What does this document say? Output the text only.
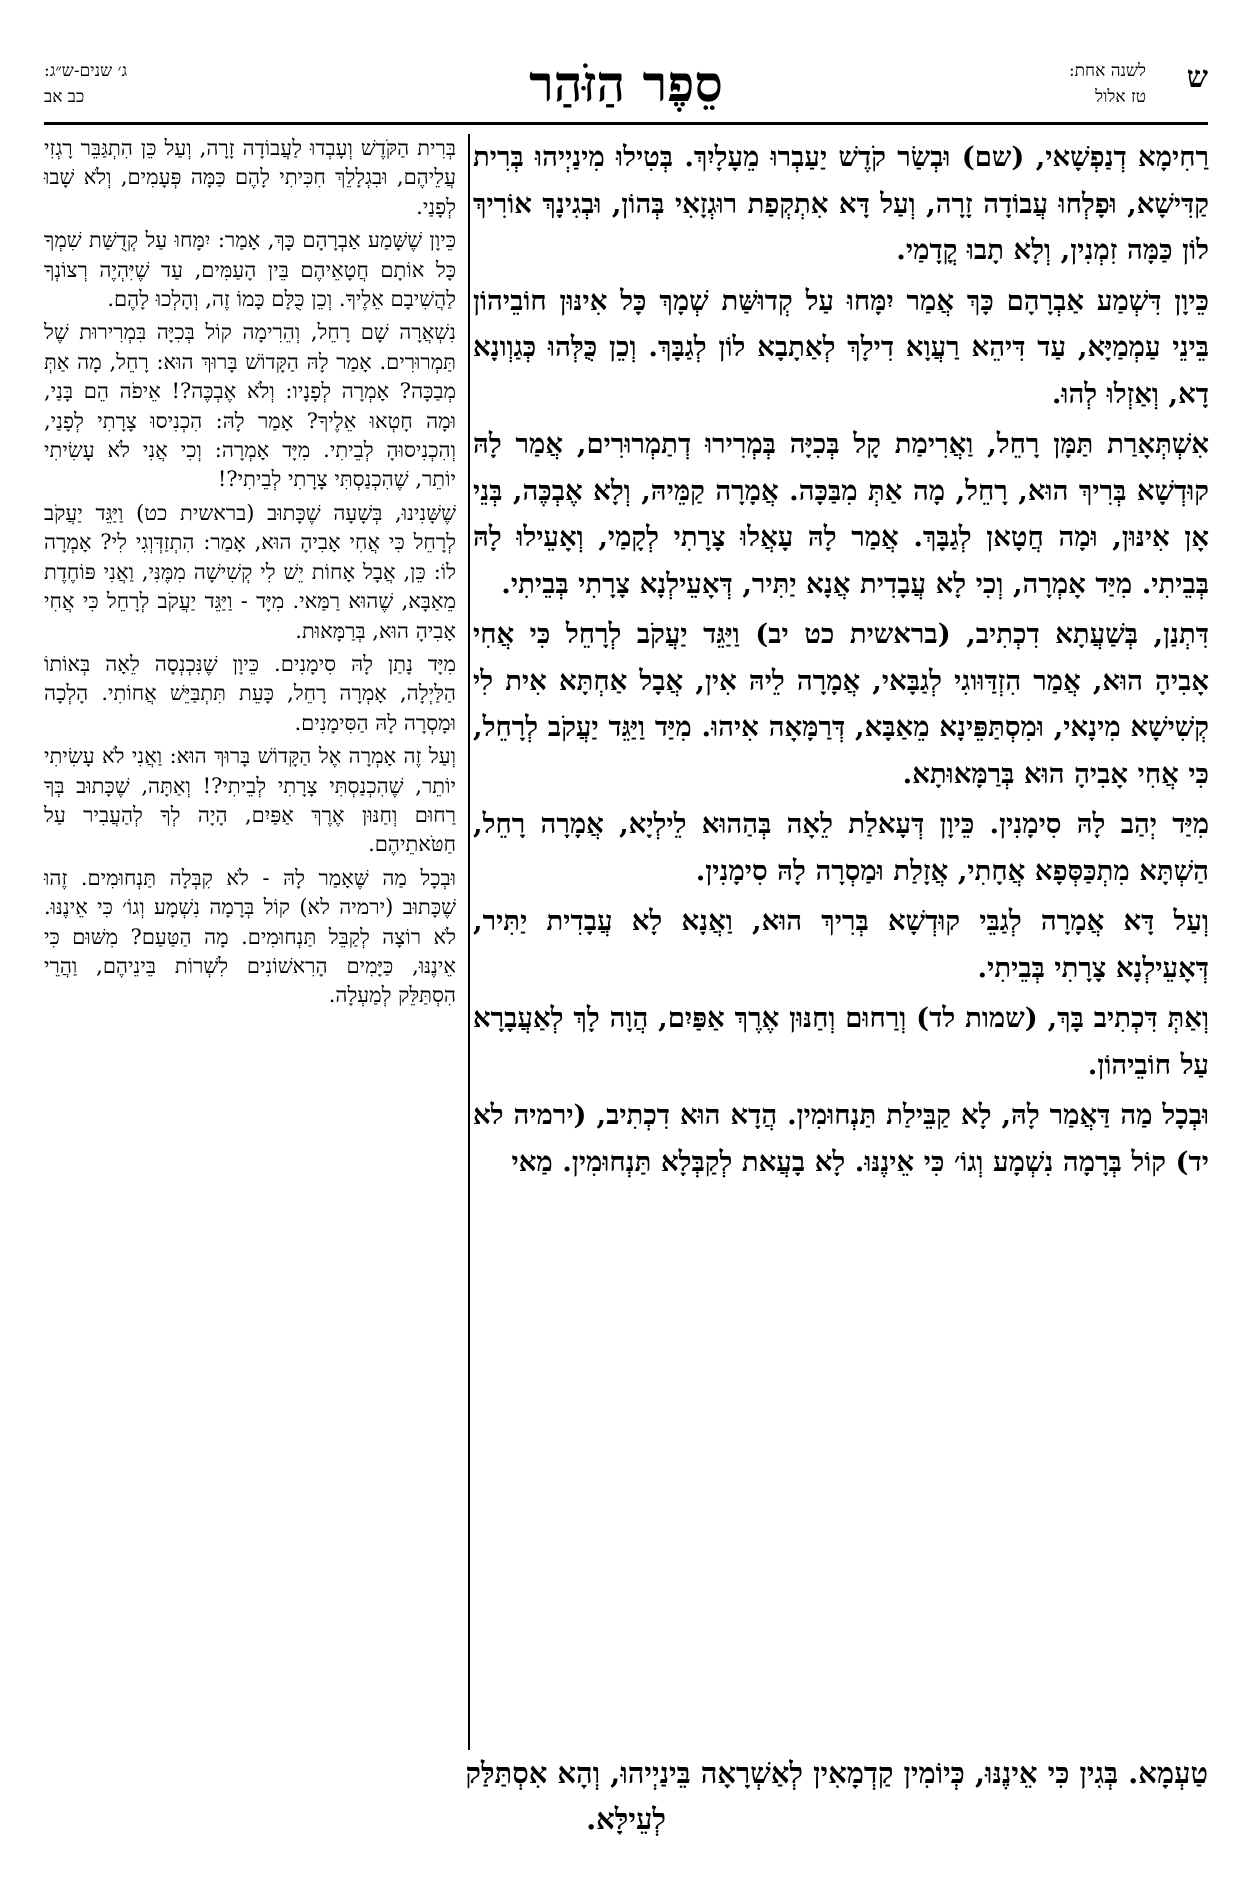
ש
לשנה אחת:
טז אלול
סֵפֶר הַזֹּהַר
ג׳ שנים-ש״ג:
כב אב

רַחִימָא דְנַפְשָׁאי, (שם) וּבְשַׂר קֹדֶשׁ יַעַבְרוּ מֵעָלָיִךְ. בְּטִילוּ מִינַיְיהוּ בְּרִית קַדִּישָׁא, וּפָלְחוּ עֲבוֹדָה זָרָה, וְעַל דָּא אִתְקְפַת רוּגְזָאִי בְּהוֹן, וּבְגִינָךְ אוֹרִיךְ לוֹן כַּמָּה זִמְנִין, וְלָא תָבוּ קֳדָמַי.

כֵּיוָן דִּשְׁמַע אַבְרָהָם כָּךְ אֲמַר יִמָּחוּ עַל קְדוּשַּׁת שְׁמָךְ כָּל אִינּוּן חוֹבֵיהוֹן בֵּינֵי עַמְמַיָּא, עַד דִּיהֵא רַעֲוָא דִילָךְ לְאַתָבָא לוֹן לְגַבָּךְ. וְכֵן כֻּלְּהוּ כְּגַוְונָא דָא, וְאַזְלוּ לְהוּ.

אִשְׁתְּאָרַת תַּמָּן רָחֵל, וַאֲרִימַת קָל בְּכִיָּה בְּמְרִירוּ דְתַמְרוּרִים, אֲמַר לָהּ קוּדְשָׁא בְּרִיךְ הוּא, רָחֵל, מָה אַתְּ מִבַּכָּה. אֲמָרָה קַמֵּיהּ, וְלָא אֶבְכֶּה, בְּנֵי אָן אִינּוּן, וּמָה חֲטָאן לְגַבָּךְ. אֲמַר לָהּ עָאֲלוּ צָרָתִי לְקָמַי, וְאָעֵילוּ לָהּ בְּבֵיתִי. מִיַּד אָמְרָה, וְכִי לָא עֲבָדִית אֲנָא יַתִּיר, דְּאָעֵילְנָא צָרָתִי בְּבֵיתִי.

דִּתְנַן, בְּשַׁעֲתָא דִכְתִיב, (בראשית כט יב) וַיַּגֵּד יַעֲקֹב לְרָחֵל כִּי אֲחִי אָבִיהָ הוּא, אֲמַר הִזְדַּוּוגִי לְגַבָּאי, אֲמָרָה לֵיהּ אִין, אֲבָל אַחְתָּא אִית לִי קְשִׁישָׁא מִינָאי, וּמִסְתַּפֵּינָא מֵאַבָּא, דְּרַמָּאָה אִיהוּ. מִיַּד וַיַּגֵּד יַעֲקֹב לְרָחֵל, כִּי אֲחִי אָבִיהָ הוּא בְּרַמָּאוּתָא.

מִיַּד יְהַב לָהּ סִימָנִין. כֵּיוָן דְּעָאלַת לֵאָה בְּהַהוּא לֵילְיָא, אֲמָרָה רָחֵל, הַשְׁתָּא מִתְכַּסְּפָא אֲחָתִי, אֲזָלַת וּמַסְרָה לָהּ סִימָנִין.

וְעַל דָּא אֲמָרָה לְגַבֵּי קוּדְשָׁא בְּרִיךְ הוּא, וַאֲנָא לָא עֲבָדִית יַתִּיר, דְּאָעֵילְנָא צָרָתִי בְּבֵיתִי.

וְאַתְּ דִּכְתִיב בָּךְ, (שמות לד) וְרַחוּם וְחַנּוּן אֶרֶךְ אַפַּיִם, הֲוָה לָךְ לְאַעֲבָרָא עַל חוֹבֵיהוֹן.

וּבְכָל מַה דַּאֲמַר לָהּ, לָא קַבֵּילַת תַּנְחוּמִין. הֲדָא הוּא דִכְתִיב, (ירמיה לא יד) קוֹל בְּרָמָה נִשְׁמָע וְגוֹ׳ כִּי אֵינֶנּוּ. לָא בָעֲאת לְקַבְּלָא תַּנְחוּמִין. מַאי

בְּרִית הַקֹּדֶשׁ וְעָבְדוּ לַעֲבוֹדָה זָרָה, וְעַל כֵּן הִתְגַּבֵּר רָגְזִי עֲלֵיהֶם, וּבִגְלָלֵךְ חִכִּיתִי לָהֶם כַּמָּה פְּעָמִים, וְלֹא שָׁבוּ לְפָנַי.

כֵּיוָן שֶׁשָּׁמַע אַבְרָהָם כָּךְ, אָמַר: יִמָּחוּ עַל קְדֻשַּׁת שִׁמְךָ כָּל אוֹתָם חֲטָאֵיהֶם בֵּין הָעַמִּים, עַד שֶׁיִּהְיֶה רְצוֹנְךָ לַהֲשִׁיבָם אֵלֶיךָ. וְכֵן כֻּלָּם כָּמוֹ זֶה, וְהָלְכוּ לָהֶם.

נִשְׁאֲרָה שָׁם רָחֵל, וְהֵרִימָה קוֹל בְּכִיָּה בִּמְרִירוּת שֶׁל תַּמְרוּרִים. אָמַר לָהּ הַקָּדוֹשׁ בָּרוּךְ הוּא: רָחֵל, מָה אַתְּ מְבַכָּה? אָמְרָה לְפָנָיו: וְלֹא אֶבְכֶּה?! אֵיפֹה הֵם בָּנַי, וּמָה חָטְאוּ אֵלֶיךָ? אָמַר לָהּ: הִכְנִיסוּ צָרָתִי לְפָנַי, וְהִכְנִיסוּהָ לְבֵיתִי. מִיָּד אָמְרָה: וְכִי אֲנִי לֹא עָשִׂיתִי יוֹתֵר, שֶׁהִכְנַסְתִּי צָרָתִי לְבֵיתִי?!

שֶׁשָּׁנִינוּ, בְּשָׁעָה שֶׁכָּתוּב (בראשית כט) וַיַּגֵּד יַעֲקֹב לְרָחֵל כִּי אֲחִי אָבִיהָ הוּא, אָמַר: הִתְזַדְּוְגִי לִי? אָמְרָה לוֹ: כֵּן, אֲבָל אָחוֹת יֵשׁ לִי קְשִׁישָׁה מִמֶּנִּי, וַאֲנִי פּוֹחֶדֶת מֵאַבָּא, שֶׁהוּא רַמַּאי. מִיָּד - וַיַּגֵּד יַעֲקֹב לְרָחֵל כִּי אֲחִי אָבִיהָ הוּא, בְּרַמָּאוּת.

מִיָּד נָתַן לָהּ סִימָנִים. כֵּיוָן שֶׁנִּכְנְסָה לֵאָה בְּאוֹתוֹ הַלַּיְלָה, אָמְרָה רָחֵל, כָּעֵת תִּתְבַּיֵּשׁ אֲחוֹתִי. הָלְכָה וּמָסְרָה לָהּ הַסִּימָנִים.

וְעַל זֶה אָמְרָה אֶל הַקָּדוֹשׁ בָּרוּךְ הוּא: וַאֲנִי לֹא עָשִׂיתִי יוֹתֵר, שֶׁהִכְנַסְתִּי צָרָתִי לְבֵיתִי?! וְאַתָּה, שֶׁכָּתוּב בְּךָ רַחוּם וְחַנּוּן אֶרֶךְ אַפַּיִם, הָיָה לְךָ לְהַעֲבִיר עַל חַטֹּאתֵיהֶם.

וּבְכָל מַה שֶּׁאָמַר לָהּ - לֹא קִבְּלָה תַּנְחוּמִים. זֶהוּ שֶׁכָּתוּב (ירמיה לא) קוֹל בְּרָמָה נִשְׁמָע וְגוֹ׳ כִּי אֵינֶנּוּ. לֹא רוֹצָה לְקַבֵּל תַּנְחוּמִים. מָה הַטַּעַם? מִשּׁוּם כִּי אֵינֶנּוּ, כַּיָּמִים הָרִאשׁוֹנִים לִשְׁרוֹת בֵּינֵיהֶם, וַהֲרֵי הִסְתַּלֵּק לְמַעְלָה.

טַעְמָא. בְּגִין כִּי אֵינֶנּוּ, כְּיוֹמִין קַדְמָאִין לְאַשְׁרָאָה בֵּינַיְיהוּ, וְהָא אִסְתַּלַּק
לְעֵילָּא.
